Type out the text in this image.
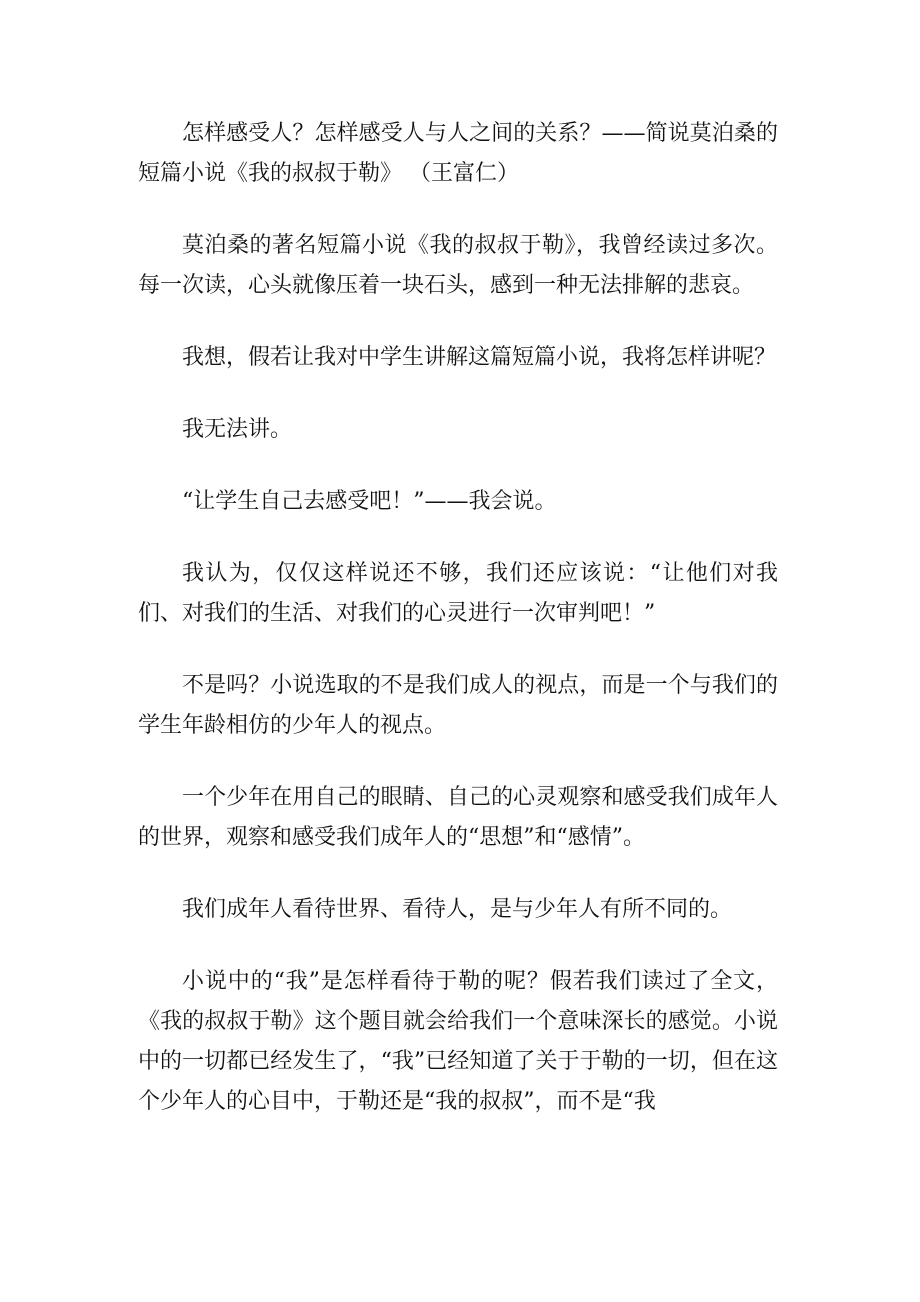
怎样感受人？怎样感受人与人之间的关系？——简说莫泊桑的短篇小说《我的叔叔于勒》 （王富仁）

莫泊桑的著名短篇小说《我的叔叔于勒》，我曾经读过多次。每一次读，心头就像压着一块石头，感到一种无法排解的悲哀。

我想，假若让我对中学生讲解这篇短篇小说，我将怎样讲呢？

我无法讲。

“让学生自己去感受吧！”——我会说。

我认为，仅仅这样说还不够，我们还应该说：“让他们对我们、对我们的生活、对我们的心灵进行一次审判吧！”

不是吗？小说选取的不是我们成人的视点，而是一个与我们的学生年龄相仿的少年人的视点。

一个少年在用自己的眼睛、自己的心灵观察和感受我们成年人的世界，观察和感受我们成年人的“思想”和“感情”。

我们成年人看待世界、看待人，是与少年人有所不同的。

小说中的“我”是怎样看待于勒的呢？假若我们读过了全文，《我的叔叔于勒》这个题目就会给我们一个意味深长的感觉。小说中的一切都已经发生了，“我”已经知道了关于于勒的一切，但在这个少年人的心目中，于勒还是“我的叔叔”，而不是“我
